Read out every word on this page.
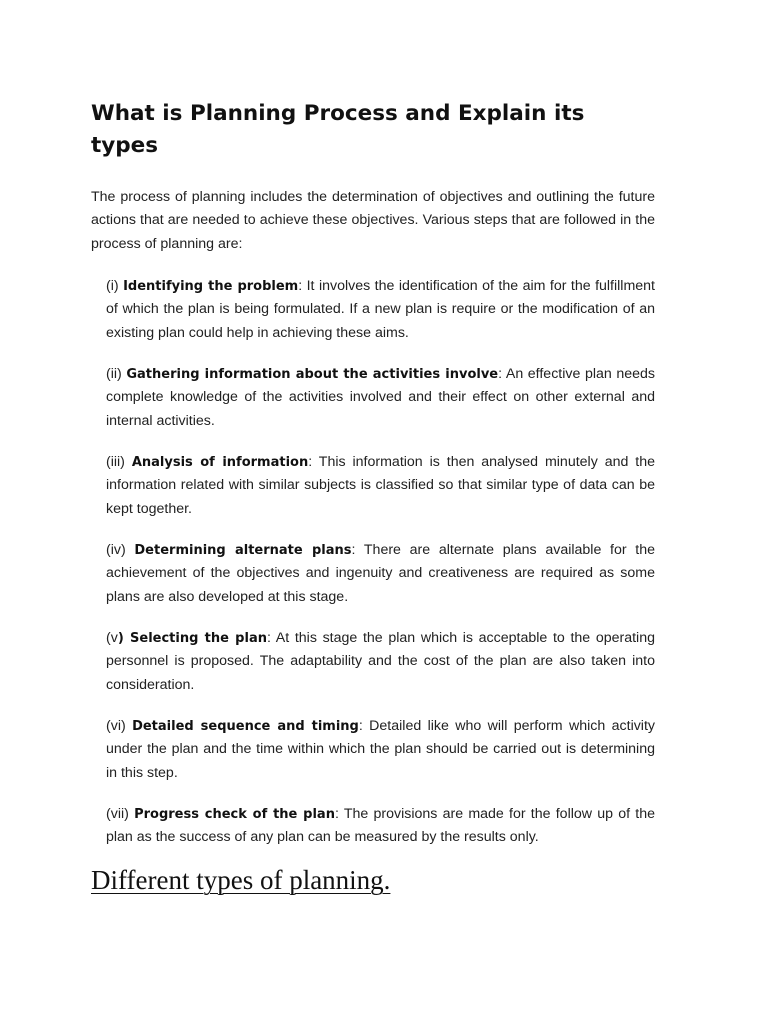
What is Planning Process and Explain its types

The process of planning includes the determination of objectives and outlining the future actions that are needed to achieve these objectives. Various steps that are followed in the process of planning are:

(i) Identifying the problem: It involves the identification of the aim for the fulfillment of which the plan is being formulated. If a new plan is require or the modification of an existing plan could help in achieving these aims.

(ii) Gathering information about the activities involve: An effective plan needs complete knowledge of the activities involved and their effect on other external and internal activities.

(iii) Analysis of information: This information is then analysed minutely and the information related with similar subjects is classified so that similar type of data can be kept together.

(iv) Determining alternate plans: There are alternate plans available for the achievement of the objectives and ingenuity and creativeness are required as some plans are also developed at this stage.

(v) Selecting the plan: At this stage the plan which is acceptable to the operating personnel is proposed. The adaptability and the cost of the plan are also taken into consideration.

(vi) Detailed sequence and timing: Detailed like who will perform which activity under the plan and the time within which the plan should be carried out is determining in this step.

(vii) Progress check of the plan: The provisions are made for the follow up of the plan as the success of any plan can be measured by the results only.

Different types of planning.
